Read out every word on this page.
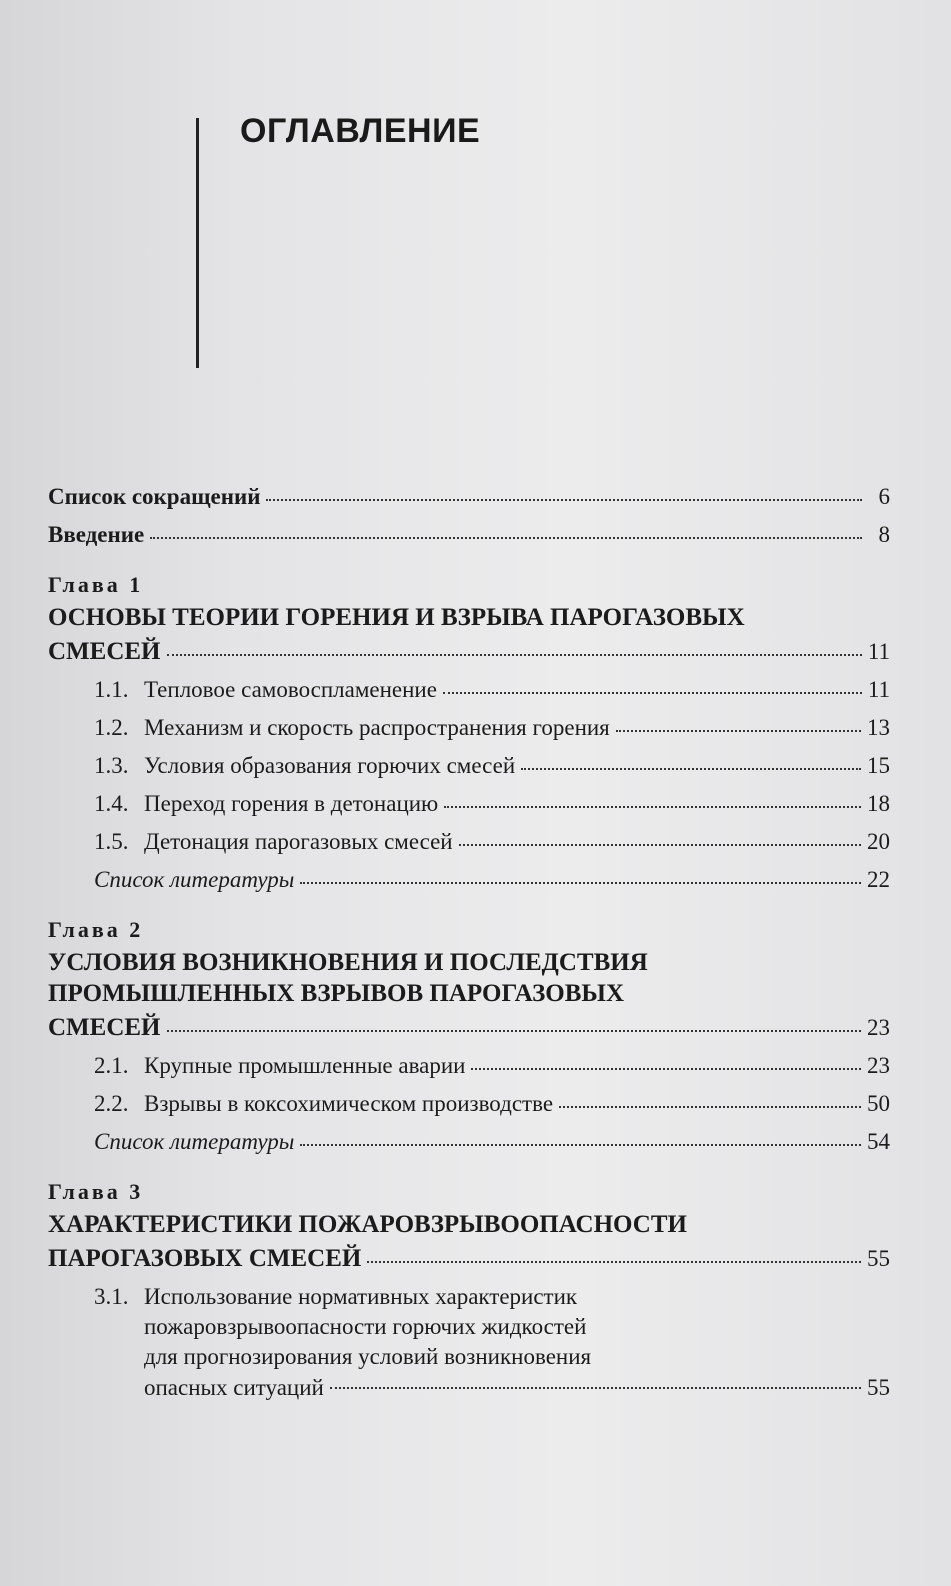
ОГЛАВЛЕНИЕ
Список сокращений	6
Введение	8
Глава 1
ОСНОВЫ ТЕОРИИ ГОРЕНИЯ И ВЗРЫВА ПАРОГАЗОВЫХ
СМЕСЕЙ	11
1.1. Тепловое самовоспламенение	11
1.2. Механизм и скорость распространения горения	13
1.3. Условия образования горючих смесей	15
1.4. Переход горения в детонацию	18
1.5. Детонация парогазовых смесей	20
Список литературы	22
Глава 2
УСЛОВИЯ ВОЗНИКНОВЕНИЯ И ПОСЛЕДСТВИЯ
ПРОМЫШЛЕННЫХ ВЗРЫВОВ ПАРОГАЗОВЫХ
СМЕСЕЙ	23
2.1. Крупные промышленные аварии	23
2.2. Взрывы в коксохимическом производстве	50
Список литературы	54
Глава 3
ХАРАКТЕРИСТИКИ ПОЖАРОВЗРЫВООПАСНОСТИ
ПАРОГАЗОВЫХ СМЕСЕЙ	55
3.1. Использование нормативных характеристик
пожаровзрывоопасности горючих жидкостей
для прогнозирования условий возникновения
опасных ситуаций	55
